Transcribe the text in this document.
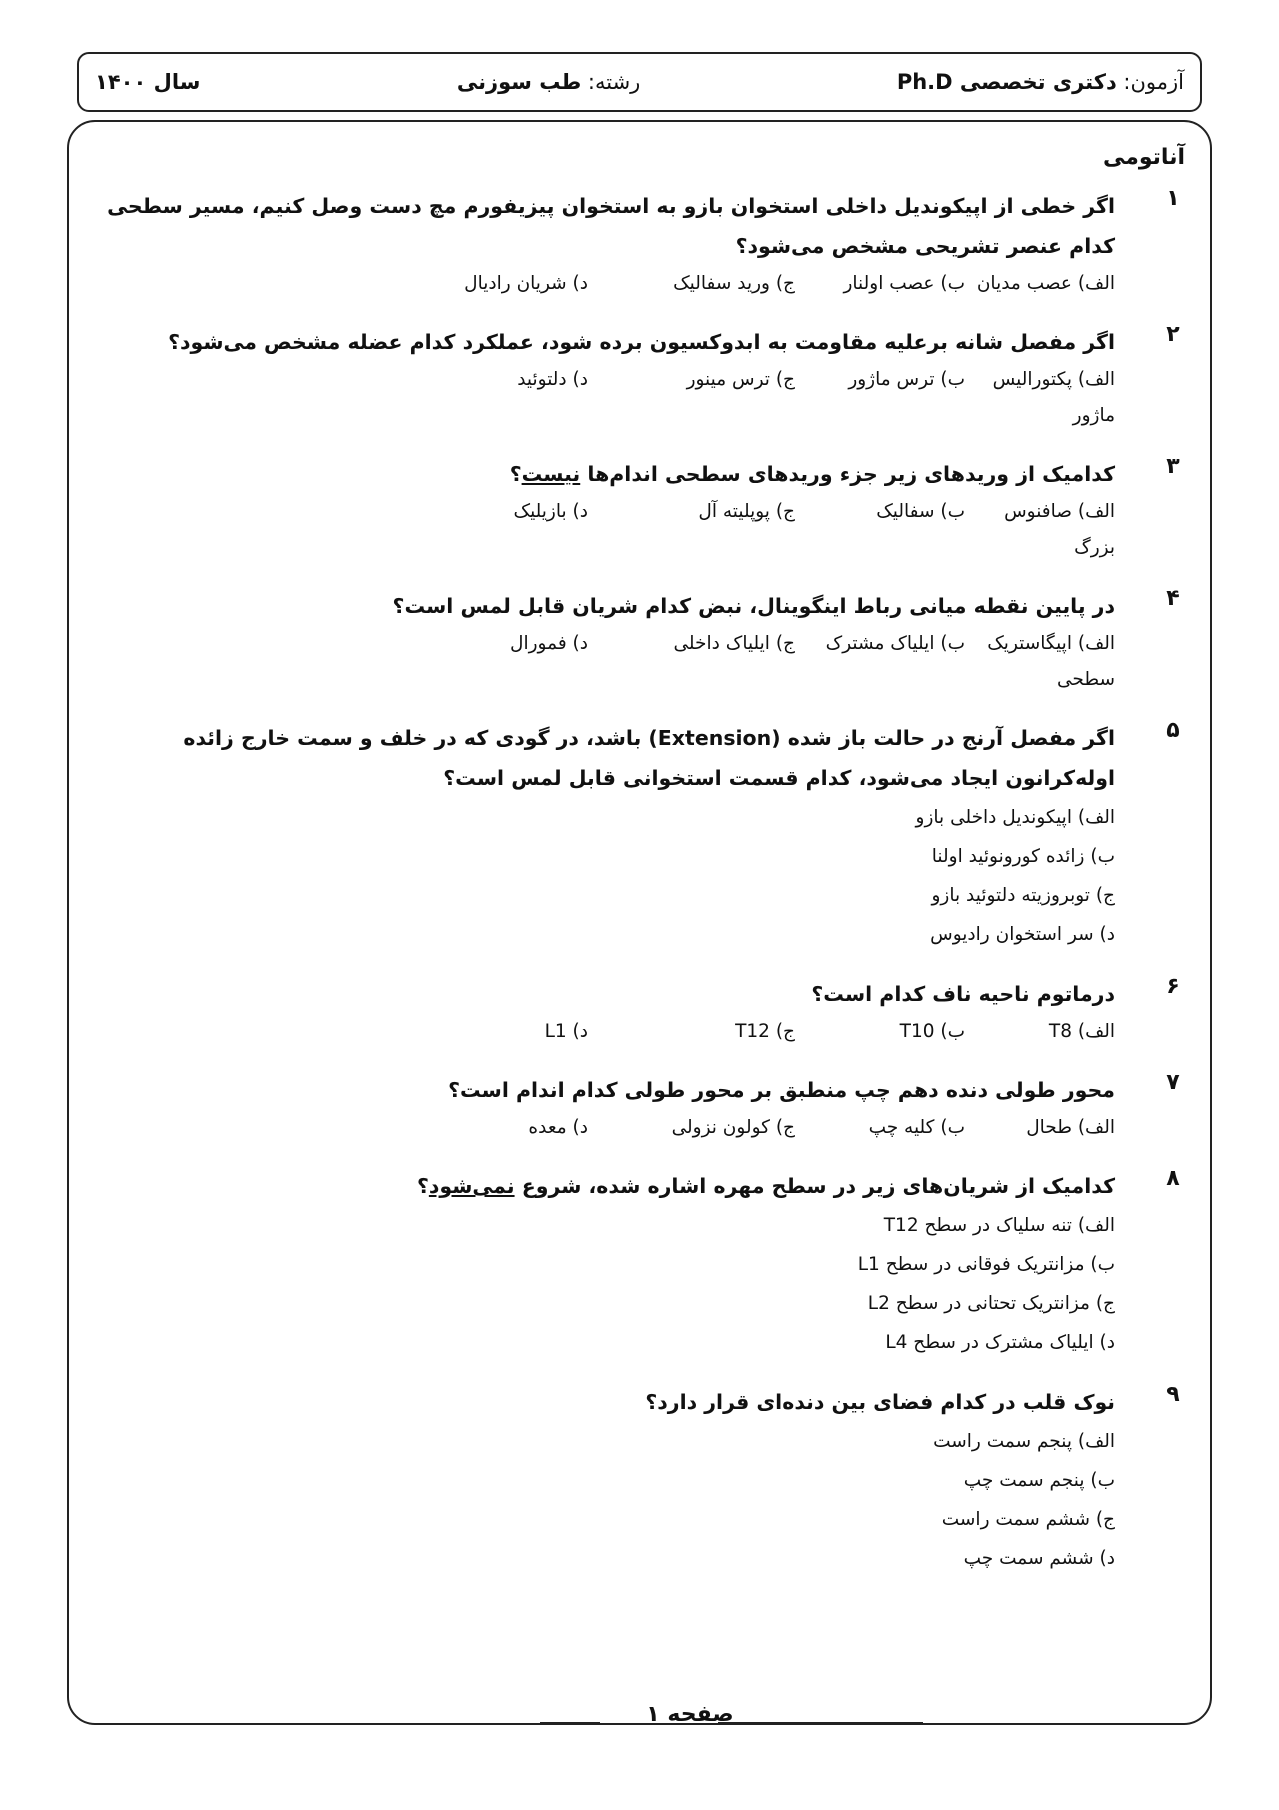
آزمون: دکتری تخصصی Ph.D
رشته: طب سوزنی
سال ۱۴۰۰
آناتومی
۱
اگر خطی از اپیکوندیل داخلی استخوان بازو به استخوان پیزیفورم مچ دست وصل کنیم، مسیر سطحی کدام عنصر تشریحی مشخص می‌شود؟
الف) عصب مدیان
ب) عصب اولنار
ج) ورید سفالیک
د) شریان رادیال
۲
اگر مفصل شانه برعلیه مقاومت به ابدوکسیون برده شود، عملکرد کدام عضله مشخص می‌شود؟
الف) پکتورالیس ماژور
ب) ترس ماژور
ج) ترس مینور
د) دلتوئید
۳
کدامیک از وریدهای زیر جزء وریدهای سطحی اندام‌ها نیست؟
الف) صافنوس بزرگ
ب) سفالیک
ج) پوپلیته آل
د) بازیلیک
۴
در پایین نقطه میانی رباط اینگوینال، نبض کدام شریان قابل لمس است؟
الف) اپیگاستریک سطحی
ب) ایلیاک مشترک
ج) ایلیاک داخلی
د) فمورال
۵
اگر مفصل آرنج در حالت باز شده (Extension) باشد، در گودی که در خلف و سمت خارج زائده اوله‌کرانون ایجاد می‌شود، کدام قسمت استخوانی قابل لمس است؟
الف) اپیکوندیل داخلی بازو
ب) زائده کورونوئید اولنا
ج) توبروزیته دلتوئید بازو
د) سر استخوان رادیوس
۶
درماتوم ناحیه ناف کدام است؟
الف) T8
ب) T10
ج) T12
د) L1
۷
محور طولی دنده دهم چپ منطبق بر محور طولی کدام اندام است؟
الف) طحال
ب) کلیه چپ
ج) کولون نزولی
د) معده
۸
کدامیک از شریان‌های زیر در سطح مهره اشاره شده، شروع نمی‌شود؟
الف) تنه سلیاک در سطح T12
ب) مزانتریک فوقانی در سطح L1
ج) مزانتریک تحتانی در سطح L2
د) ایلیاک مشترک در سطح L4
۹
نوک قلب در کدام فضای بین دنده‌ای قرار دارد؟
الف) پنجم سمت راست
ب) پنجم سمت چپ
ج) ششم سمت راست
د) ششم سمت چپ
صفحه ۱
